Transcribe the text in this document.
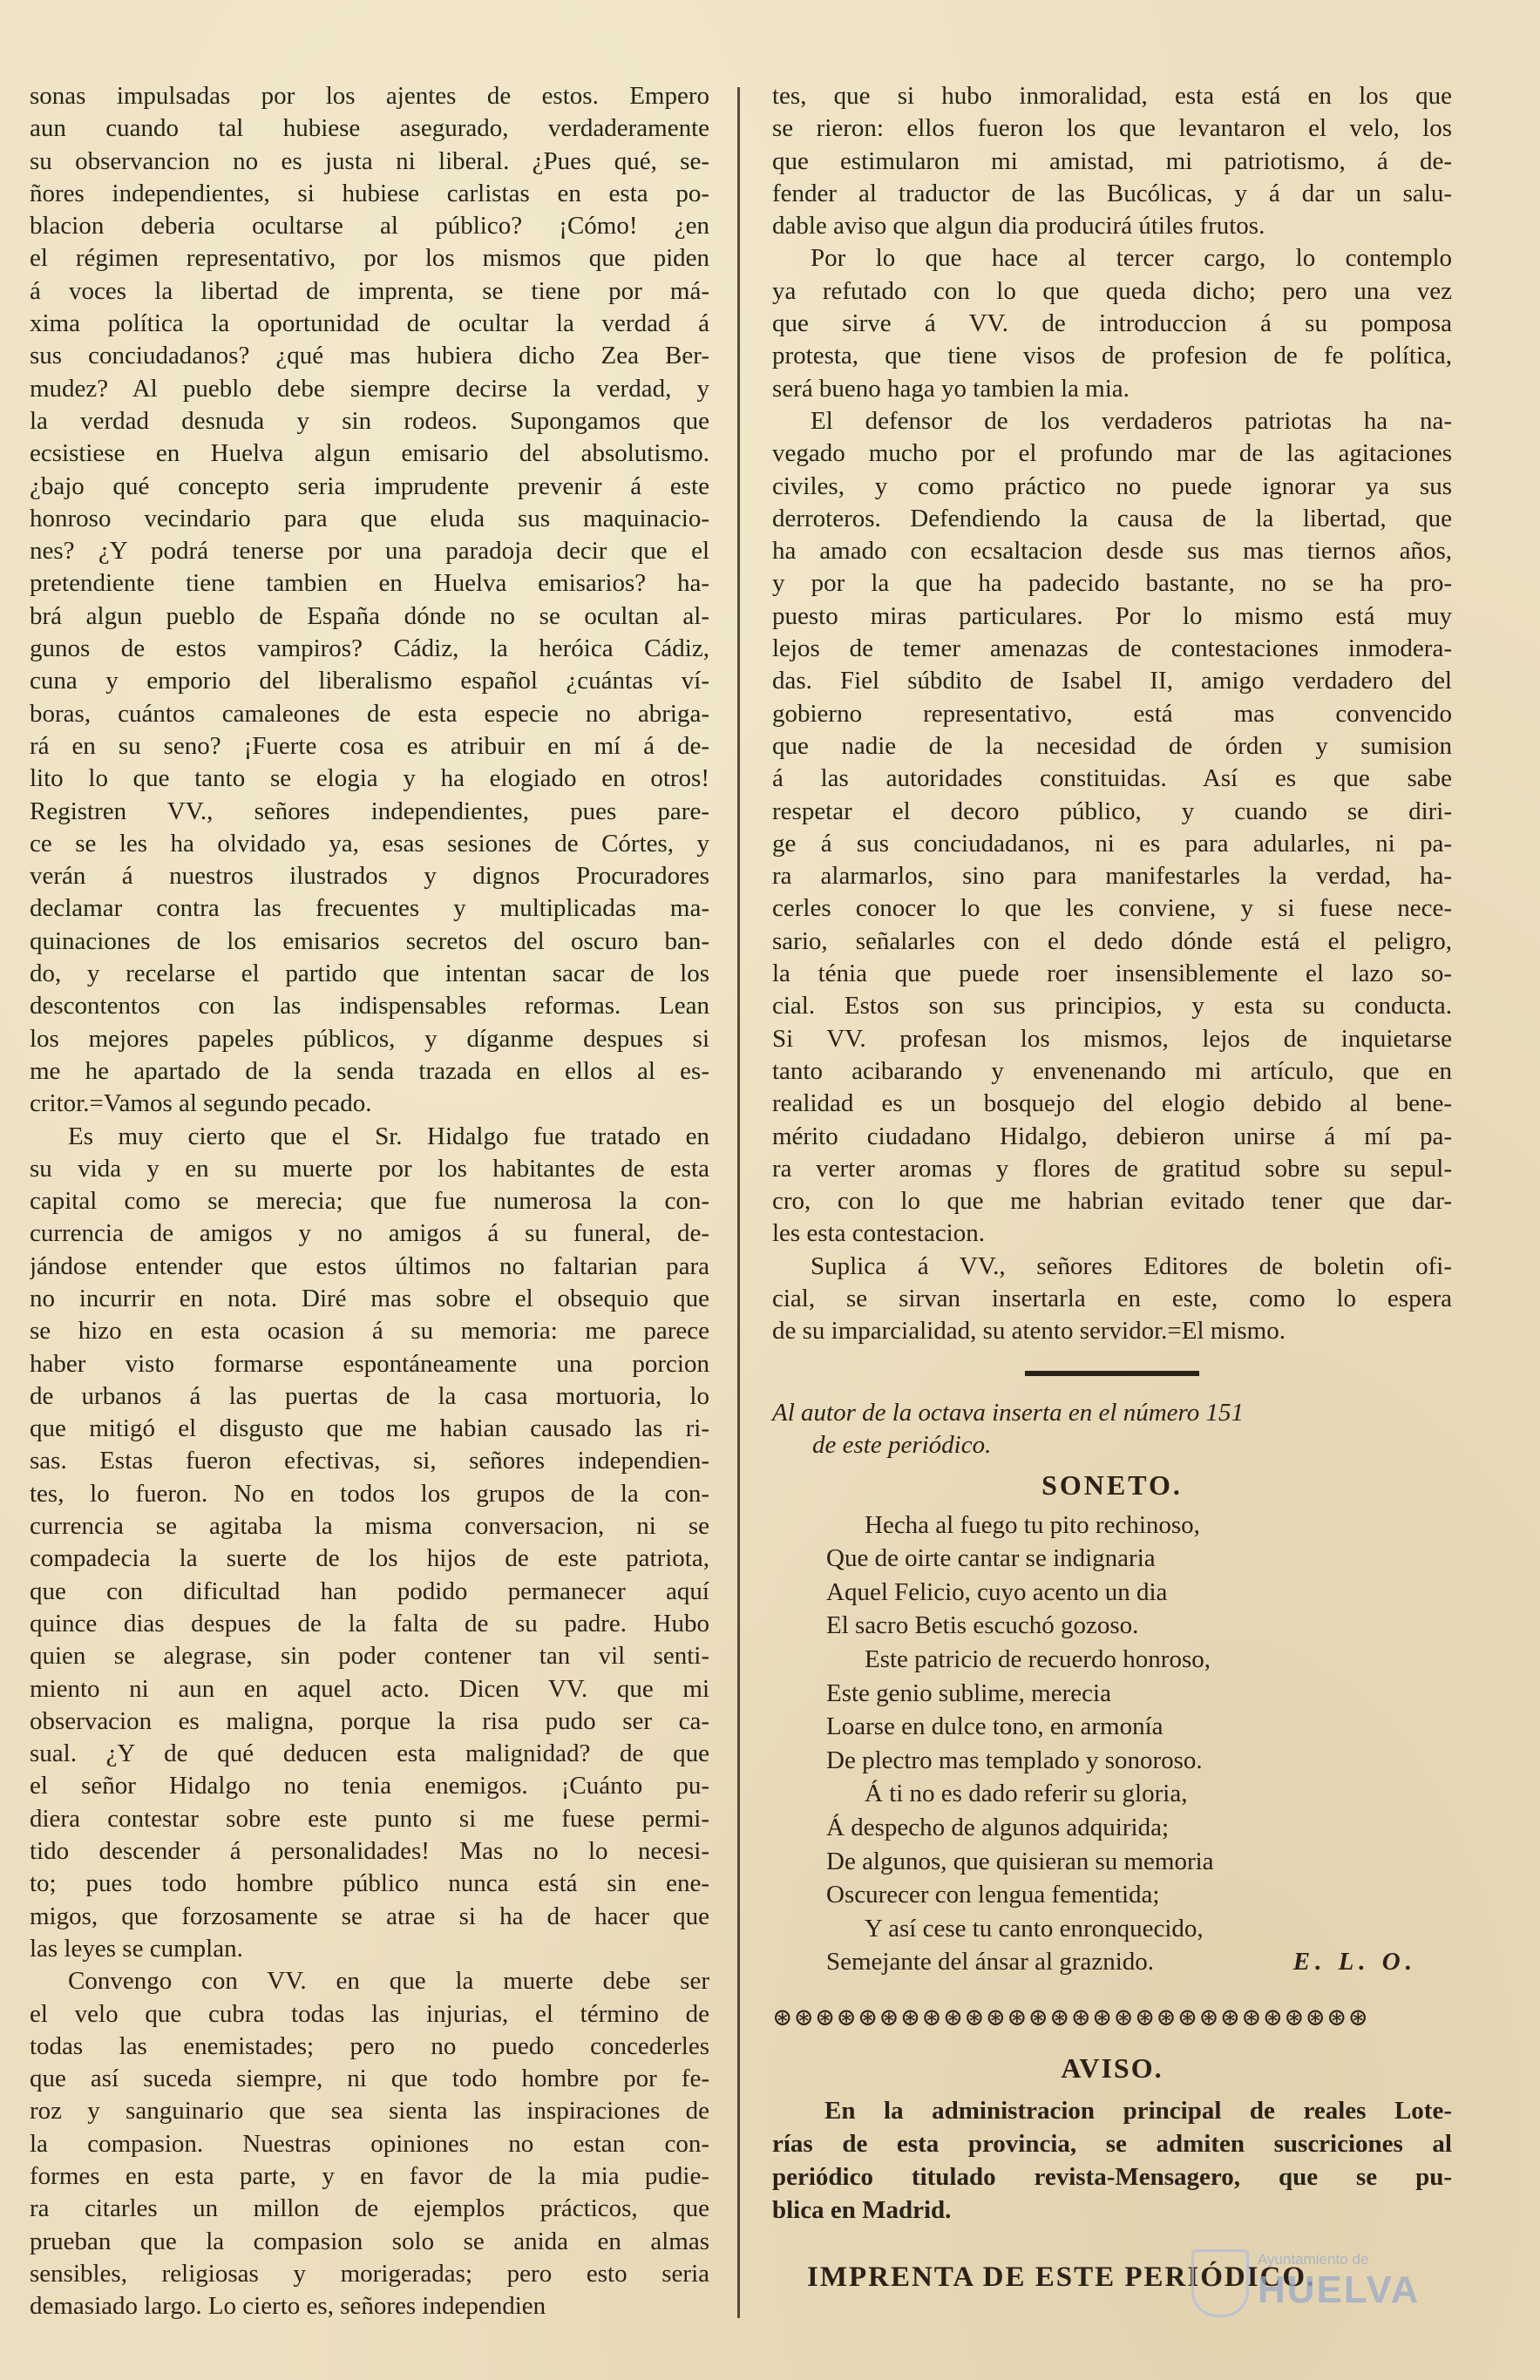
sonas impulsadas por los ajentes de estos. Empero
aun cuando tal hubiese asegurado, verdaderamente
su observancion no es justa ni liberal. ¿Pues qué, se-
ñores independientes, si hubiese carlistas en esta po-
blacion deberia ocultarse al público? ¡Cómo! ¿en
el régimen representativo, por los mismos que piden
á voces la libertad de imprenta, se tiene por má-
xima política la oportunidad de ocultar la verdad á
sus conciudadanos? ¿qué mas hubiera dicho Zea Ber-
mudez? Al pueblo debe siempre decirse la verdad, y
la verdad desnuda y sin rodeos. Supongamos que
ecsistiese en Huelva algun emisario del absolutismo.
¿bajo qué concepto seria imprudente prevenir á este
honroso vecindario para que eluda sus maquinacio-
nes? ¿Y podrá tenerse por una paradoja decir que el
pretendiente tiene tambien en Huelva emisarios? ha-
brá algun pueblo de España dónde no se ocultan al-
gunos de estos vampiros? Cádiz, la heróica Cádiz,
cuna y emporio del liberalismo español ¿cuántas ví-
boras, cuántos camaleones de esta especie no abriga-
rá en su seno? ¡Fuerte cosa es atribuir en mí á de-
lito lo que tanto se elogia y ha elogiado en otros!
Registren VV., señores independientes, pues pare-
ce se les ha olvidado ya, esas sesiones de Córtes, y
verán á nuestros ilustrados y dignos Procuradores
declamar contra las frecuentes y multiplicadas ma-
quinaciones de los emisarios secretos del oscuro ban-
do, y recelarse el partido que intentan sacar de los
descontentos con las indispensables reformas. Lean
los mejores papeles públicos, y díganme despues si
me he apartado de la senda trazada en ellos al es-
critor.=Vamos al segundo pecado.
Es muy cierto que el Sr. Hidalgo fue tratado en
su vida y en su muerte por los habitantes de esta
capital como se merecia; que fue numerosa la con-
currencia de amigos y no amigos á su funeral, de-
jándose entender que estos últimos no faltarian para
no incurrir en nota. Diré mas sobre el obsequio que
se hizo en esta ocasion á su memoria: me parece
haber visto formarse espontáneamente una porcion
de urbanos á las puertas de la casa mortuoria, lo
que mitigó el disgusto que me habian causado las ri-
sas. Estas fueron efectivas, si, señores independien-
tes, lo fueron. No en todos los grupos de la con-
currencia se agitaba la misma conversacion, ni se
compadecia la suerte de los hijos de este patriota,
que con dificultad han podido permanecer aquí
quince dias despues de la falta de su padre. Hubo
quien se alegrase, sin poder contener tan vil senti-
miento ni aun en aquel acto. Dicen VV. que mi
observacion es maligna, porque la risa pudo ser ca-
sual. ¿Y de qué deducen esta malignidad? de que
el señor Hidalgo no tenia enemigos. ¡Cuánto pu-
diera contestar sobre este punto si me fuese permi-
tido descender á personalidades! Mas no lo necesi-
to; pues todo hombre público nunca está sin ene-
migos, que forzosamente se atrae si ha de hacer que
las leyes se cumplan.
Convengo con VV. en que la muerte debe ser
el velo que cubra todas las injurias, el término de
todas las enemistades; pero no puedo concederles
que así suceda siempre, ni que todo hombre por fe-
roz y sanguinario que sea sienta las inspiraciones de
la compasion. Nuestras opiniones no estan con-
formes en esta parte, y en favor de la mia pudie-
ra citarles un millon de ejemplos prácticos, que
prueban que la compasion solo se anida en almas
sensibles, religiosas y morigeradas; pero esto seria
demasiado largo. Lo cierto es, señores independien
tes, que si hubo inmoralidad, esta está en los que
se rieron: ellos fueron los que levantaron el velo, los
que estimularon mi amistad, mi patriotismo, á de-
fender al traductor de las Bucólicas, y á dar un salu-
dable aviso que algun dia producirá útiles frutos.
Por lo que hace al tercer cargo, lo contemplo
ya refutado con lo que queda dicho; pero una vez
que sirve á VV. de introduccion á su pomposa
protesta, que tiene visos de profesion de fe política,
será bueno haga yo tambien la mia.
El defensor de los verdaderos patriotas ha na-
vegado mucho por el profundo mar de las agitaciones
civiles, y como práctico no puede ignorar ya sus
derroteros. Defendiendo la causa de la libertad, que
ha amado con ecsaltacion desde sus mas tiernos años,
y por la que ha padecido bastante, no se ha pro-
puesto miras particulares. Por lo mismo está muy
lejos de temer amenazas de contestaciones inmodera-
das. Fiel súbdito de Isabel II, amigo verdadero del
gobierno representativo, está mas convencido
que nadie de la necesidad de órden y sumision
á las autoridades constituidas. Así es que sabe
respetar el decoro público, y cuando se diri-
ge á sus conciudadanos, ni es para adularles, ni pa-
ra alarmarlos, sino para manifestarles la verdad, ha-
cerles conocer lo que les conviene, y si fuese nece-
sario, señalarles con el dedo dónde está el peligro,
la ténia que puede roer insensiblemente el lazo so-
cial. Estos son sus principios, y esta su conducta.
Si VV. profesan los mismos, lejos de inquietarse
tanto acibarando y envenenando mi artículo, que en
realidad es un bosquejo del elogio debido al bene-
mérito ciudadano Hidalgo, debieron unirse á mí pa-
ra verter aromas y flores de gratitud sobre su sepul-
cro, con lo que me habrian evitado tener que dar-
les esta contestacion.
Suplica á VV., señores Editores de boletin ofi-
cial, se sirvan insertarla en este, como lo espera
de su imparcialidad, su atento servidor.=El mismo.
Al autor de la octava inserta en el número 151
de este periódico.
SONETO.
Hecha al fuego tu pito rechinoso,
Que de oirte cantar se indignaria
Aquel Felicio, cuyo acento un dia
El sacro Betis escuchó gozoso.
Este patricio de recuerdo honroso,
Este genio sublime, merecia
Loarse en dulce tono, en armonía
De plectro mas templado y sonoroso.
Á ti no es dado referir su gloria,
Á despecho de algunos adquirida;
De algunos, que quisieran su memoria
Oscurecer con lengua fementida;
Y así cese tu canto enronquecido,
Semejante del ánsar al graznido.	E. L. O.
⊛⊛⊛⊛⊛⊛⊛⊛⊛⊛⊛⊛⊛⊛⊛⊛⊛⊛⊛⊛⊛⊛⊛⊛⊛⊛⊛⊛
AVISO.
En la administracion principal de reales Lote-
rías de esta provincia, se admiten suscriciones al
periódico titulado revista-Mensagero, que se pu-
blica en Madrid.
IMPRENTA DE ESTE PERIÓDICO.
Ayuntamiento de
HUELVA
